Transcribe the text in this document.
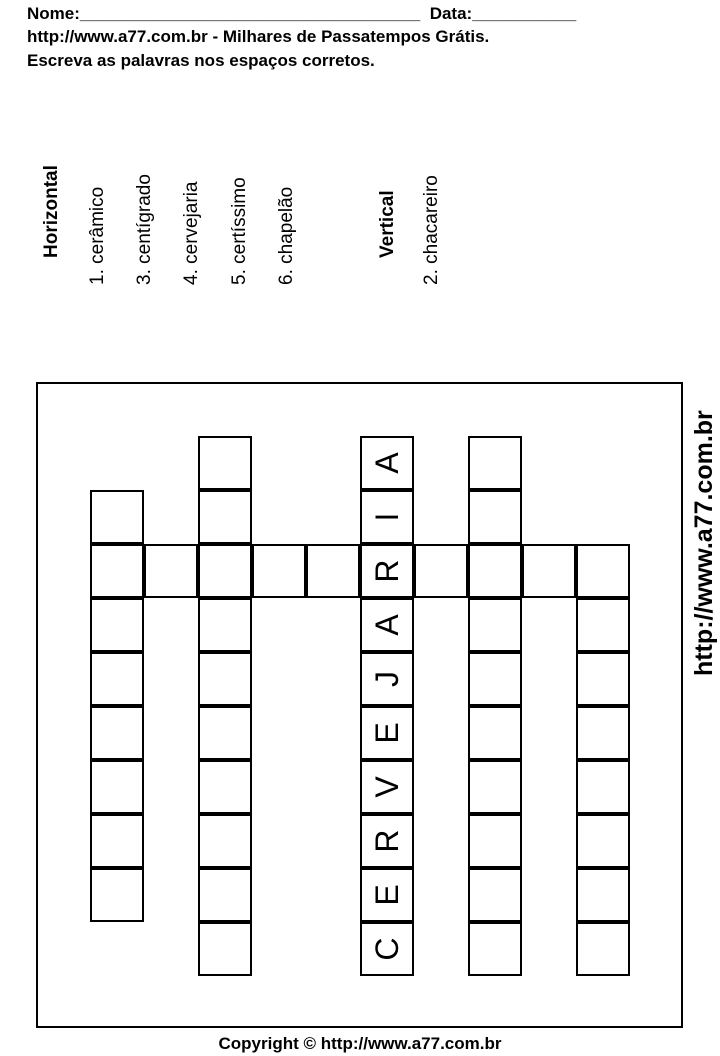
Nome:____________________________________  Data:___________
http://www.a77.com.br - Milhares de Passatempos Grátis.
Escreva as palavras nos espaços corretos.
Horizontal 1. cerâmico 3. centígrado 4. cervejaria 5. certíssimo 6. chapelão	Vertical 2. chacareiro
A
I
R
A
J
E
V
R
E
C
http://www.a77.com.br
Copyright © http://www.a77.com.br
